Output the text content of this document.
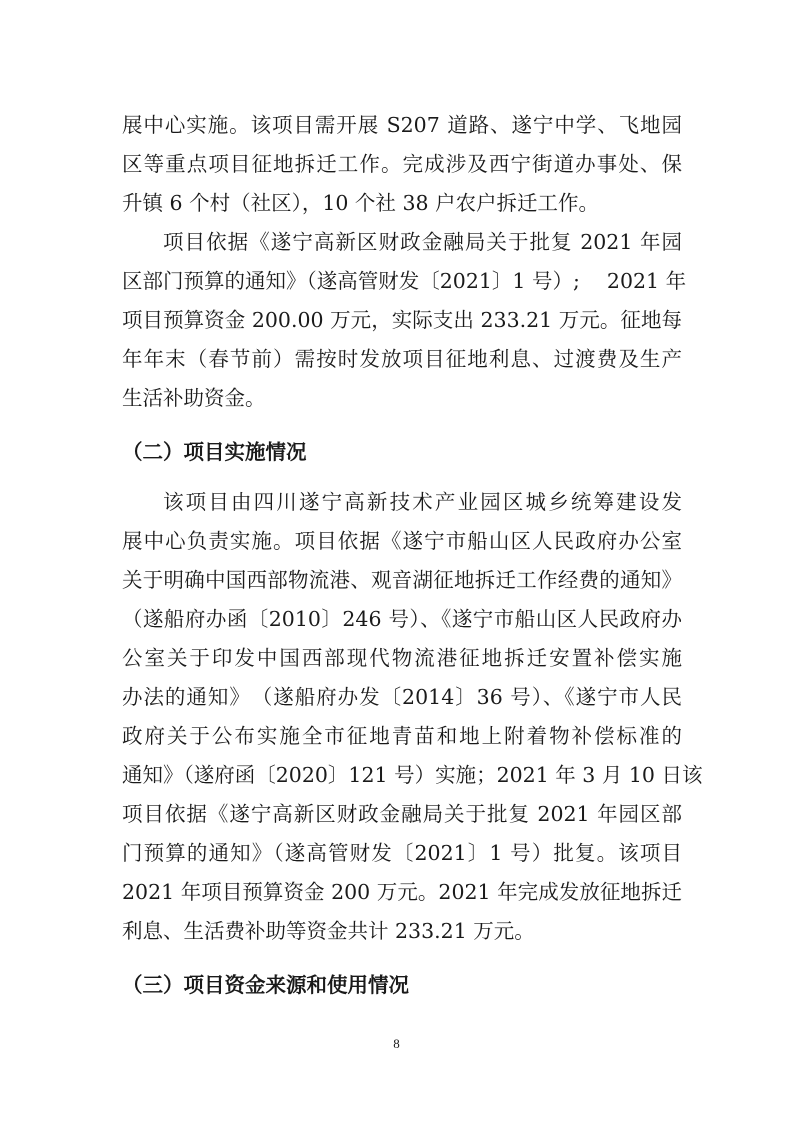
展中心实施。该项目需开展 S207 道路、遂宁中学、飞地园
区等重点项目征地拆迁工作。完成涉及西宁街道办事处、保
升镇 6 个村（社区），10 个社 38 户农户拆迁工作。
项目依据《遂宁高新区财政金融局关于批复 2021 年园
区部门预算的通知》（遂高管财发〔2021〕1 号）;　 2021 年
项目预算资金 200.00 万元，实际支出 233.21 万元。征地每
年年末（春节前）需按时发放项目征地利息、过渡费及生产
生活补助资金。
（二）项目实施情况
该项目由四川遂宁高新技术产业园区城乡统筹建设发
展中心负责实施。项目依据《遂宁市船山区人民政府办公室
关于明确中国西部物流港、观音湖征地拆迁工作经费的通知》
（遂船府办函〔2010〕246 号）、《遂宁市船山区人民政府办
公室关于印发中国西部现代物流港征地拆迁安置补偿实施
办法的通知》　（遂船府办发〔2014〕36 号）、《遂宁市人民
政府关于公布实施全市征地青苗和地上附着物补偿标准的
通知》（遂府函〔2020〕121 号）实施；2021 年 3 月 10 日该
项目依据《遂宁高新区财政金融局关于批复 2021 年园区部
门预算的通知》（遂高管财发〔2021〕1 号）批复。该项目
2021 年项目预算资金 200 万元。2021 年完成发放征地拆迁
利息、生活费补助等资金共计 233.21 万元。
（三）项目资金来源和使用情况
8
